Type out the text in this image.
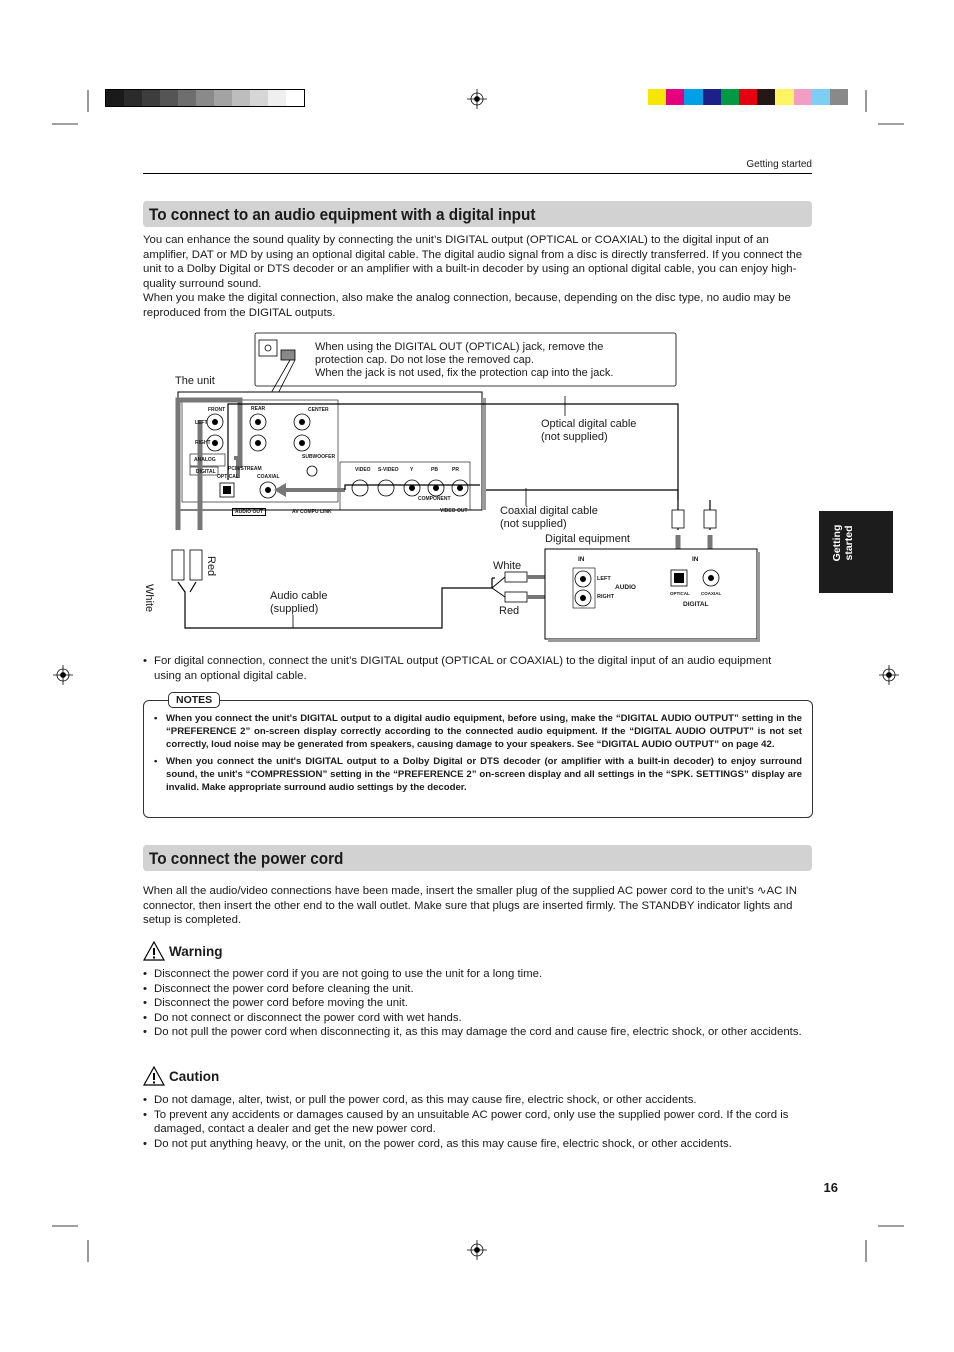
Getting started
Getting started
To connect to an audio equipment with a digital input
You can enhance the sound quality by connecting the unit’s DIGITAL output (OPTICAL or COAXIAL) to the digital input of an amplifier, DAT or MD by using an optional digital cable. The digital audio signal from a disc is directly transferred. If you connect the unit to a Dolby Digital or DTS decoder or an amplifier with a built-in decoder by using an optional digital cable, you can enjoy high-quality surround sound.
When you make the digital connection, also make the analog connection, because, depending on the disc type, no audio may be reproduced from the DIGITAL outputs.
When using the DIGITAL OUT (OPTICAL) jack, remove the
protection cap. Do not lose the removed cap.
When the jack is not used, fix the protection cap into the jack.
The unit
Optical digital cable
(not supplied)
Coaxial digital cable
(not supplied)
Digital equipment
White
Red
White
Red
Audio cable
(supplied)
FRONT	REAR	CENTER
LEFT
RIGHT
SUBWOOFER
ANALOG
DIGITAL PCM/STREAM
OPTICAL	COAXIAL
AUDIO OUT	AV COMPU LINK
VIDEO S-VIDEO Y	PB	PR
COMPONENT
VIDEO OUT
IN
LEFT
AUDIO
RIGHT
IN
OPTICAL	COAXIAL
DIGITAL
• For digital connection, connect the unit’s DIGITAL output (OPTICAL or COAXIAL) to the digital input of an audio equipment using an optional digital cable.
NOTES
• When you connect the unit's DIGITAL output to a digital audio equipment, before using, make the “DIGITAL AUDIO OUTPUT” setting in the “PREFERENCE 2” on-screen display correctly according to the connected audio equipment. If the “DIGITAL AUDIO OUTPUT” is not set correctly, loud noise may be generated from speakers, causing damage to your speakers. See “DIGITAL AUDIO OUTPUT” on page 42.
• When you connect the unit's DIGITAL output to a Dolby Digital or DTS decoder (or amplifier with a built-in decoder) to enjoy surround sound, the unit's “COMPRESSION” setting in the “PREFERENCE 2” on-screen display and all settings in the “SPK. SETTINGS” display are invalid. Make appropriate surround audio settings by the decoder.
To connect the power cord
When all the audio/video connections have been made, insert the smaller plug of the supplied AC power cord to the unit’s ∿AC IN connector, then insert the other end to the wall outlet. Make sure that plugs are inserted firmly. The STANDBY indicator lights and setup is completed.
Warning
• Disconnect the power cord if you are not going to use the unit for a long time.
• Disconnect the power cord before cleaning the unit.
• Disconnect the power cord before moving the unit.
• Do not connect or disconnect the power cord with wet hands.
• Do not pull the power cord when disconnecting it, as this may damage the cord and cause fire, electric shock, or other accidents.
Caution
• Do not damage, alter, twist, or pull the power cord, as this may cause fire, electric shock, or other accidents.
• To prevent any accidents or damages caused by an unsuitable AC power cord, only use the supplied power cord. If the cord is damaged, contact a dealer and get the new power cord.
• Do not put anything heavy, or the unit, on the power cord, as this may cause fire, electric shock, or other accidents.
16
